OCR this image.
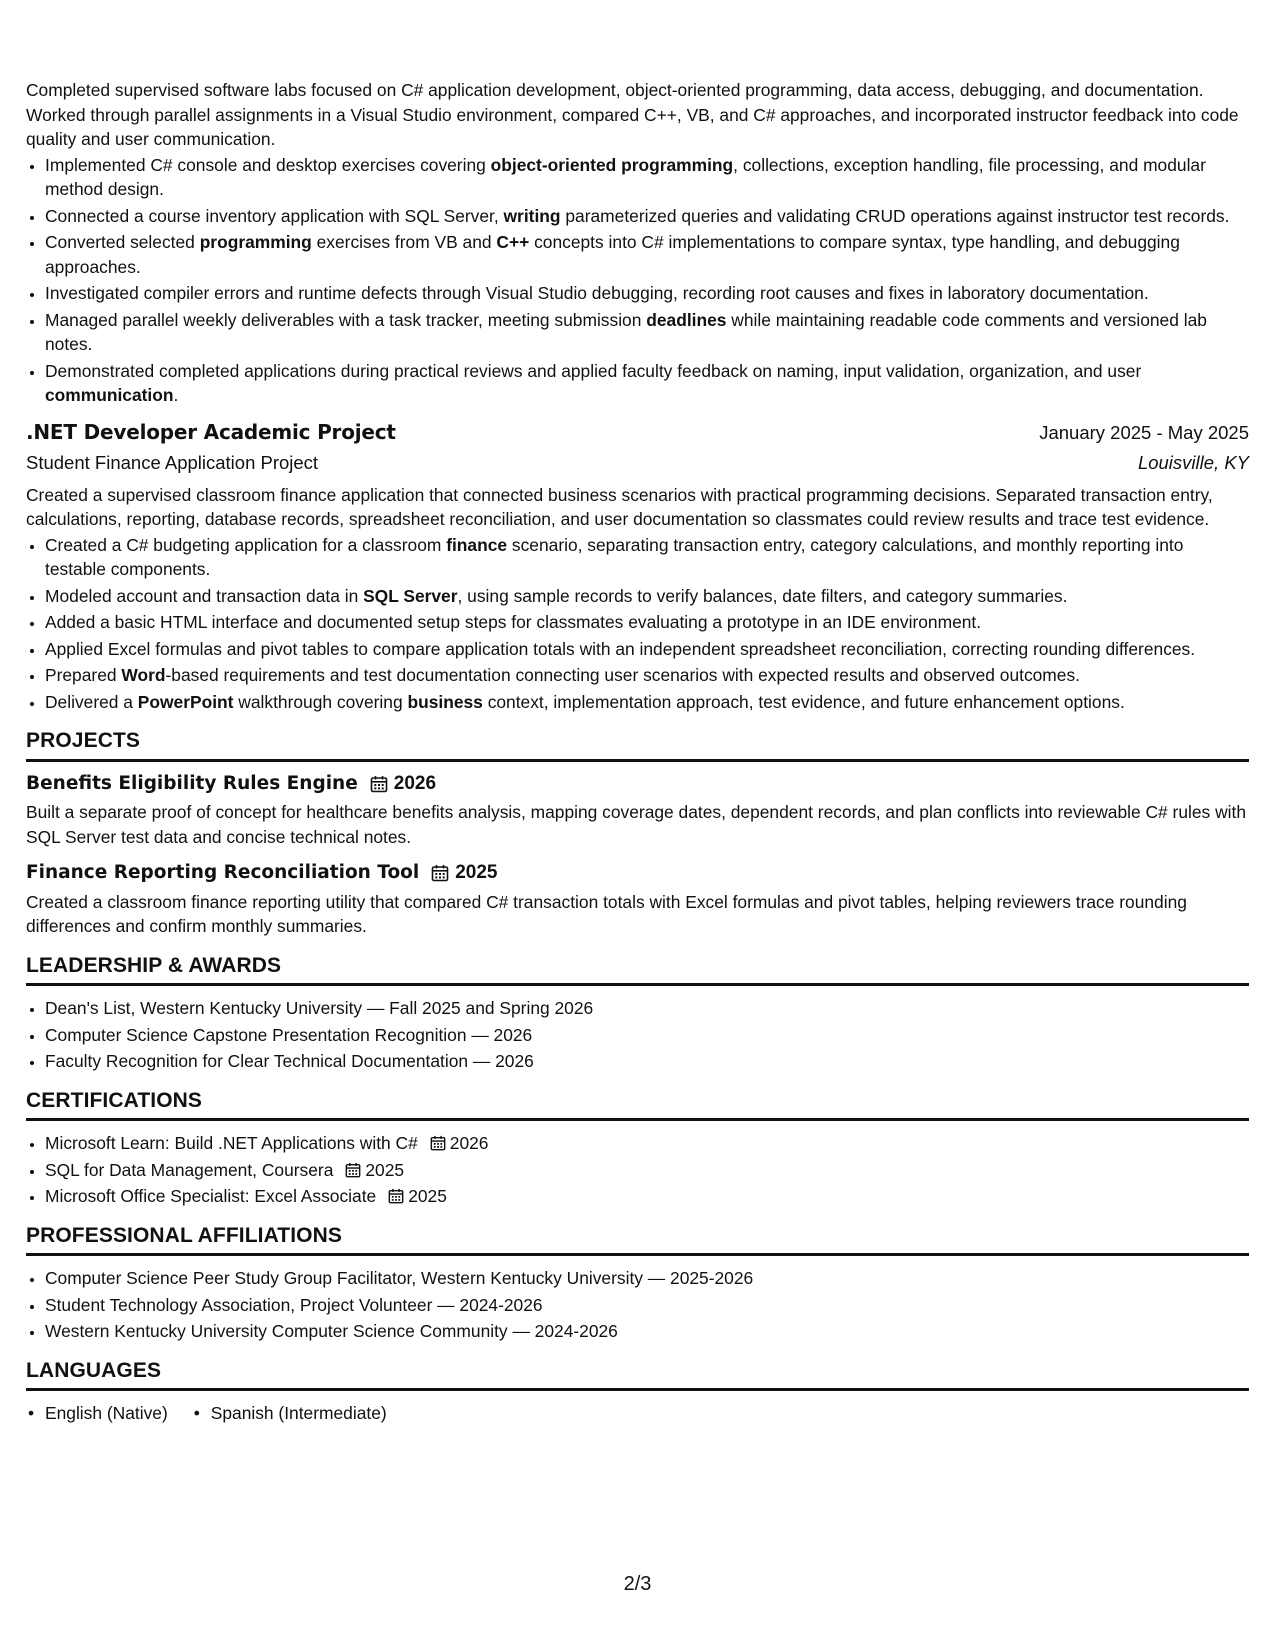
Completed supervised software labs focused on C# application development, object-oriented programming, data access, debugging, and documentation. Worked through parallel assignments in a Visual Studio environment, compared C++, VB, and C# approaches, and incorporated instructor feedback into code quality and user communication.

• Implemented C# console and desktop exercises covering object-oriented programming, collections, exception handling, file processing, and modular method design.
• Connected a course inventory application with SQL Server, writing parameterized queries and validating CRUD operations against instructor test records.
• Converted selected programming exercises from VB and C++ concepts into C# implementations to compare syntax, type handling, and debugging approaches.
• Investigated compiler errors and runtime defects through Visual Studio debugging, recording root causes and fixes in laboratory documentation.
• Managed parallel weekly deliverables with a task tracker, meeting submission deadlines while maintaining readable code comments and versioned lab notes.
• Demonstrated completed applications during practical reviews and applied faculty feedback on naming, input validation, organization, and user communication.
.NET Developer Academic Project	January 2025 - May 2025
Student Finance Application Project	Louisville, KY

Created a supervised classroom finance application that connected business scenarios with practical programming decisions. Separated transaction entry, calculations, reporting, database records, spreadsheet reconciliation, and user documentation so classmates could review results and trace test evidence.

• Created a C# budgeting application for a classroom finance scenario, separating transaction entry, category calculations, and monthly reporting into testable components.
• Modeled account and transaction data in SQL Server, using sample records to verify balances, date filters, and category summaries.
• Added a basic HTML interface and documented setup steps for classmates evaluating a prototype in an IDE environment.
• Applied Excel formulas and pivot tables to compare application totals with an independent spreadsheet reconciliation, correcting rounding differences.
• Prepared Word-based requirements and test documentation connecting user scenarios with expected results and observed outcomes.
• Delivered a PowerPoint walkthrough covering business context, implementation approach, test evidence, and future enhancement options.
PROJECTS
Benefits Eligibility Rules Engine 2026

Built a separate proof of concept for healthcare benefits analysis, mapping coverage dates, dependent records, and plan conflicts into reviewable C# rules with SQL Server test data and concise technical notes.

Finance Reporting Reconciliation Tool 2025

Created a classroom finance reporting utility that compared C# transaction totals with Excel formulas and pivot tables, helping reviewers trace rounding differences and confirm monthly summaries.

LEADERSHIP & AWARDS
• Dean's List, Western Kentucky University — Fall 2025 and Spring 2026
• Computer Science Capstone Presentation Recognition — 2026
• Faculty Recognition for Clear Technical Documentation — 2026
CERTIFICATIONS
• Microsoft Learn: Build .NET Applications with C# 2026
• SQL for Data Management, Coursera 2025
• Microsoft Office Specialist: Excel Associate 2025
PROFESSIONAL AFFILIATIONS
• Computer Science Peer Study Group Facilitator, Western Kentucky University — 2025-2026
• Student Technology Association, Project Volunteer — 2024-2026
• Western Kentucky University Computer Science Community — 2024-2026
LANGUAGES
• English (Native)
•	Spanish (Intermediate)
2/3
